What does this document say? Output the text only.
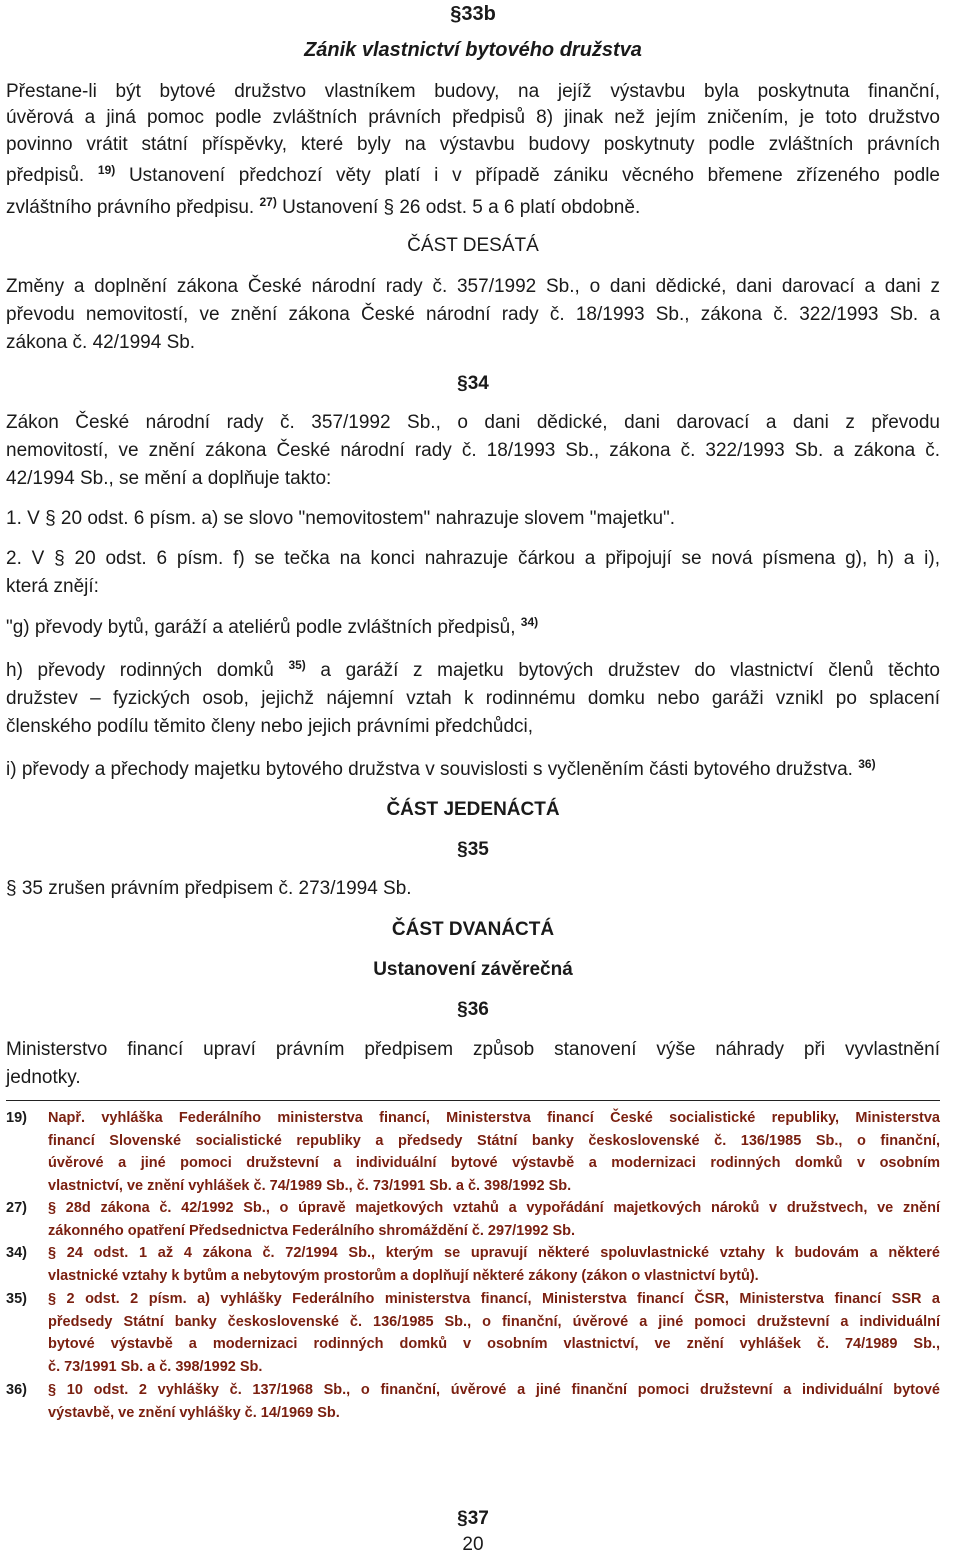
§33b
Zánik vlastnictví bytového družstva
Přestane-li být bytové družstvo vlastníkem budovy, na jejíž výstavbu byla poskytnuta finanční,
úvěrová a jiná pomoc podle zvláštních právních předpisů 8) jinak než jejím zničením, je toto družstvo
povinno vrátit státní příspěvky, které byly na výstavbu budovy poskytnuty podle zvláštních právních
předpisů. $^{19)}$ Ustanovení předchozí věty platí i v případě zániku věcného břemene zřízeného podle
zvláštního právního předpisu. $^{27)}$ Ustanovení § 26 odst. 5 a 6 platí obdobně.
ČÁST DESÁTÁ
Změny a doplnění zákona České národní rady č. 357/1992 Sb., o dani dědické, dani darovací a dani z
převodu nemovitostí, ve znění zákona České národní rady č. 18/1993 Sb., zákona č. 322/1993 Sb. a
zákona č. 42/1994 Sb.
§34
Zákon České národní rady č. 357/1992 Sb., o dani dědické, dani darovací a dani z převodu
nemovitostí, ve znění zákona České národní rady č. 18/1993 Sb., zákona č. 322/1993 Sb. a zákona č.
42/1994 Sb., se mění a doplňuje takto:
1. V § 20 odst. 6 písm. a) se slovo "nemovitostem" nahrazuje slovem "majetku".
2. V § 20 odst. 6 písm. f) se tečka na konci nahrazuje čárkou a připojují se nová písmena g), h) a i),
která znějí:
"g) převody bytů, garáží a ateliérů podle zvláštních předpisů, $^{34)}$
h) převody rodinných domků $^{35)}$ a garáží z majetku bytových družstev do vlastnictví členů těchto
družstev – fyzických osob, jejichž nájemní vztah k rodinnému domku nebo garáži vznikl po splacení
členského podílu těmito členy nebo jejich právními předchůdci,
i) převody a přechody majetku bytového družstva v souvislosti s vyčleněním části bytového družstva. $^{36)}$
ČÁST JEDENÁCTÁ
§35
§ 35 zrušen právním předpisem č. 273/1994 Sb.
ČÁST DVANÁCTÁ
Ustanovení závěrečná
§36
Ministerstvo financí upraví právním předpisem způsob stanovení výše náhrady při vyvlastnění
jednotky.
19)	Např. vyhláška Federálního ministerstva financí, Ministerstva financí České socialistické republiky, Ministerstva
financí Slovenské socialistické republiky a předsedy Státní banky československé č. 136/1985 Sb., o finanční,
úvěrové a jiné pomoci družstevní a individuální bytové výstavbě a modernizaci rodinných domků v osobním
vlastnictví, ve znění vyhlášek č. 74/1989 Sb., č. 73/1991 Sb. a č. 398/1992 Sb.
27)	§ 28d zákona č. 42/1992 Sb., o úpravě majetkových vztahů a vypořádání majetkových nároků v družstvech, ve znění
zákonného opatření Předsednictva Federálního shromáždění č. 297/1992 Sb.
34)	§ 24 odst. 1 až 4 zákona č. 72/1994 Sb., kterým se upravují některé spoluvlastnické vztahy k budovám a některé
vlastnické vztahy k bytům a nebytovým prostorům a doplňují některé zákony (zákon o vlastnictví bytů).
35)	§ 2 odst. 2 písm. a) vyhlášky Federálního ministerstva financí, Ministerstva financí ČSR, Ministerstva financí SSR a
předsedy Státní banky československé č. 136/1985 Sb., o finanční, úvěrové a jiné pomoci družstevní a individuální
bytové výstavbě a modernizaci rodinných domků v osobním vlastnictví, ve znění vyhlášek č. 74/1989 Sb.,
č. 73/1991 Sb. a č. 398/1992 Sb.
36)	§ 10 odst. 2 vyhlášky č. 137/1968 Sb., o finanční, úvěrové a jiné finanční pomoci družstevní a individuální bytové
výstavbě, ve znění vyhlášky č. 14/1969 Sb.
§37
20
